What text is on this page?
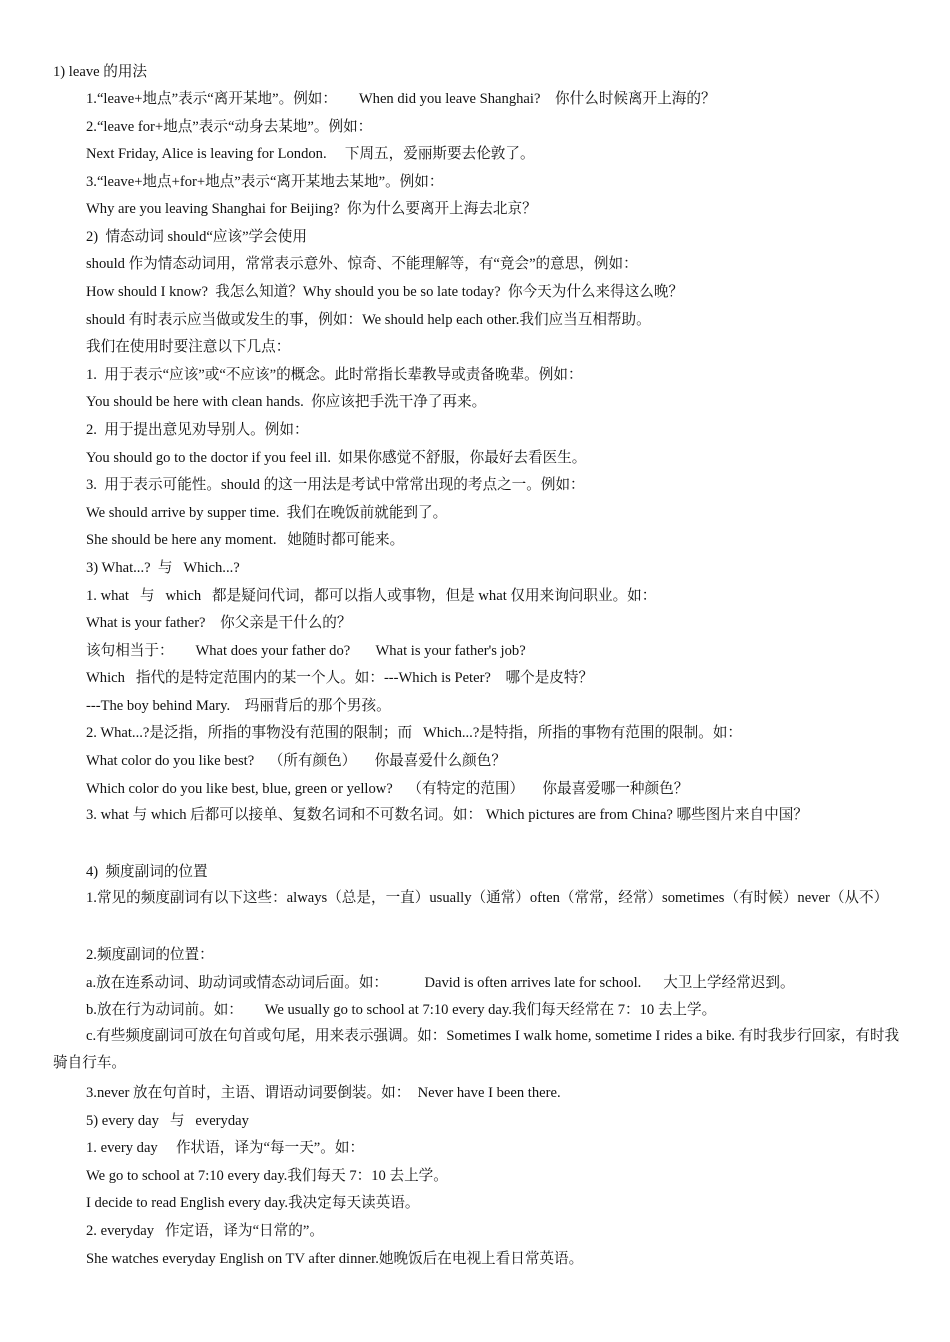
1) leave 的用法
1.“leave+地点”表示“离开某地”。例如：      When did you leave Shanghai?    你什么时候离开上海的？
2.“leave for+地点”表示“动身去某地”。例如：
Next Friday, Alice is leaving for London.     下周五，爱丽斯要去伦敦了。
3.“leave+地点+for+地点”表示“离开某地去某地”。例如：
Why are you leaving Shanghai for Beijing?  你为什么要离开上海去北京？
2)  情态动词 should“应该”学会使用
should 作为情态动词用，常常表示意外、惊奇、不能理解等，有“竟会”的意思，例如：
How should I know?  我怎么知道？Why should you be so late today?  你今天为什么来得这么晚？
should 有时表示应当做或发生的事，例如：We should help each other.我们应当互相帮助。
我们在使用时要注意以下几点：
1.  用于表示“应该”或“不应该”的概念。此时常指长辈教导或责备晚辈。例如：
You should be here with clean hands.  你应该把手洗干净了再来。
2.  用于提出意见劝导别人。例如：
You should go to the doctor if you feel ill.  如果你感觉不舒服，你最好去看医生。
3.  用于表示可能性。should 的这一用法是考试中常常出现的考点之一。例如：
We should arrive by supper time.  我们在晚饭前就能到了。
She should be here any moment.   她随时都可能来。
3) What...?  与   Which...?
1. what   与   which   都是疑问代词，都可以指人或事物，但是 what 仅用来询问职业。如：
What is your father?    你父亲是干什么的？
该句相当于：      What does your father do?       What is your father's job?
Which   指代的是特定范围内的某一个人。如：---Which is Peter?    哪个是皮特？
---The boy behind Mary.    玛丽背后的那个男孩。
2. What...?是泛指，所指的事物没有范围的限制；而   Which...?是特指，所指的事物有范围的限制。如：
What color do you like best?    （所有颜色）     你最喜爱什么颜色？
Which color do you like best, blue, green or yellow?    （有特定的范围）     你最喜爱哪一种颜色？
3. what 与 which 后都可以接单、复数名词和不可数名词。如： Which pictures are from China? 哪些图片来自中国？
4)  频度副词的位置
1.常见的频度副词有以下这些：always（总是，一直）usually（通常）often（常常，经常）sometimes（有时候）never（从不）
2.频度副词的位置：
a.放在连系动词、助动词或情态动词后面。如：          David is often arrives late for school.      大卫上学经常迟到。
b.放在行为动词前。如：      We usually go to school at 7:10 every day.我们每天经常在 7：10 去上学。
c.有些频度副词可放在句首或句尾，用来表示强调。如：Sometimes I walk home, sometime I rides a bike. 有时我步行回家，有时我骑自行车。
3.never 放在句首时，主语、谓语动词要倒装。如：  Never have I been there.
5) every day   与   everyday
1. every day     作状语，译为“每一天”。如：
We go to school at 7:10 every day.我们每天 7：10 去上学。
I decide to read English every day.我决定每天读英语。
2. everyday   作定语，译为“日常的”。
She watches everyday English on TV after dinner.她晚饭后在电视上看日常英语。
